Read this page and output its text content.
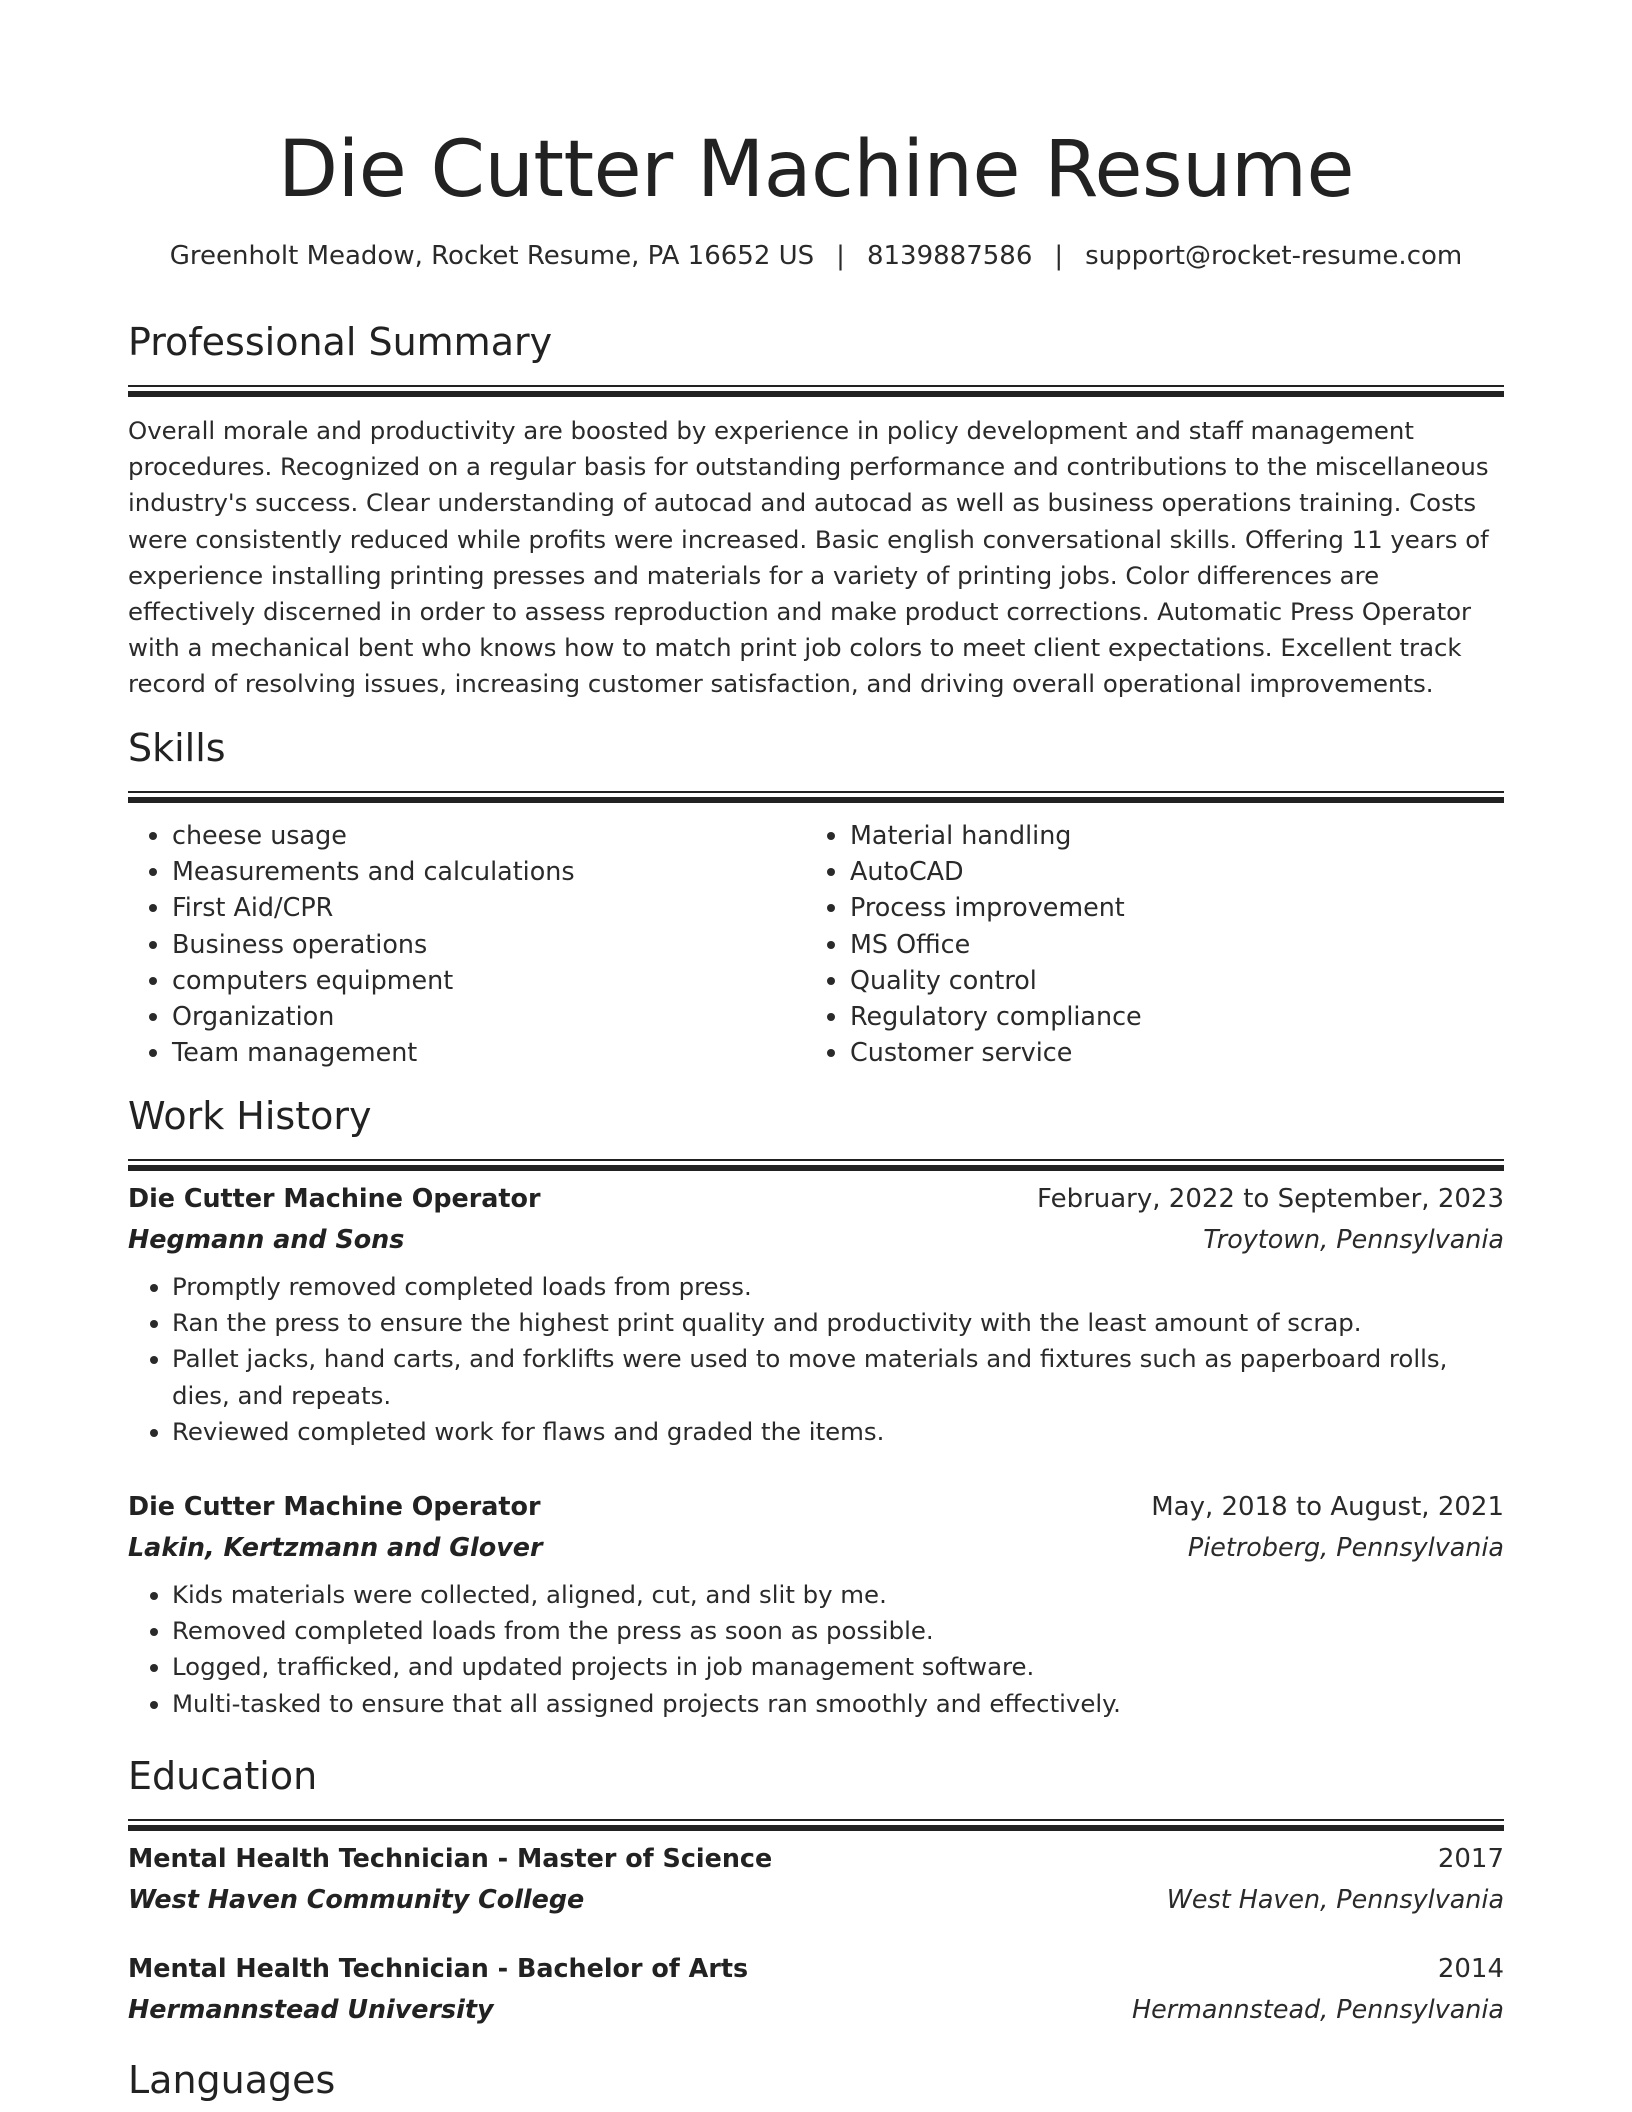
Die Cutter Machine Resume
Greenholt Meadow, Rocket Resume, PA 16652 US | 8139887586 | support@rocket-resume.com
Professional Summary
Overall morale and productivity are boosted by experience in policy development and staff management procedures. Recognized on a regular basis for outstanding performance and contributions to the miscellaneous industry's success. Clear understanding of autocad and autocad as well as business operations training. Costs were consistently reduced while profits were increased. Basic english conversational skills. Offering 11 years of experience installing printing presses and materials for a variety of printing jobs. Color differences are effectively discerned in order to assess reproduction and make product corrections. Automatic Press Operator with a mechanical bent who knows how to match print job colors to meet client expectations. Excellent track record of resolving issues, increasing customer satisfaction, and driving overall operational improvements.
Skills
• cheese usage
• Measurements and calculations
• First Aid/CPR
• Business operations
• computers equipment
• Organization
• Team management
• Material handling
• AutoCAD
• Process improvement
• MS Office
• Quality control
• Regulatory compliance
• Customer service
Work History
Die Cutter Machine Operator	February, 2022 to September, 2023
Hegmann and Sons	Troytown, Pennsylvania
• Promptly removed completed loads from press.
• Ran the press to ensure the highest print quality and productivity with the least amount of scrap.
• Pallet jacks, hand carts, and forklifts were used to move materials and fixtures such as paperboard rolls, dies, and repeats.
• Reviewed completed work for flaws and graded the items.
Die Cutter Machine Operator	May, 2018 to August, 2021
Lakin, Kertzmann and Glover	Pietroberg, Pennsylvania
• Kids materials were collected, aligned, cut, and slit by me.
• Removed completed loads from the press as soon as possible.
• Logged, trafficked, and updated projects in job management software.
• Multi-tasked to ensure that all assigned projects ran smoothly and effectively.
Education
Mental Health Technician - Master of Science	2017
West Haven Community College	West Haven, Pennsylvania
Mental Health Technician - Bachelor of Arts	2014
Hermannstead University	Hermannstead, Pennsylvania
Languages
